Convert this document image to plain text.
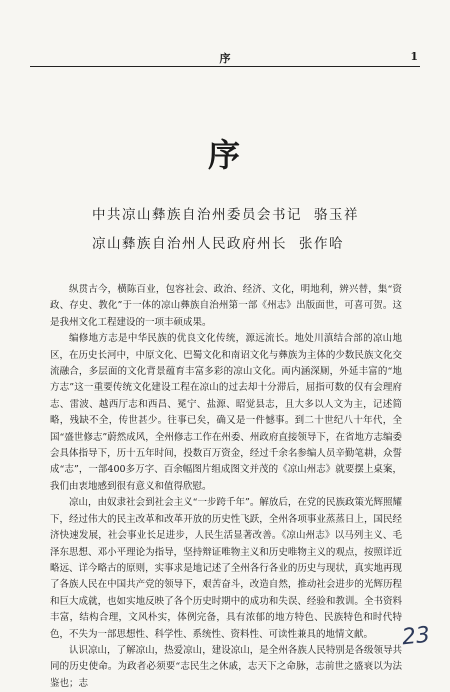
序	1
序
中共凉山彝族自治州委员会书记 骆玉祥
凉山彝族自治州人民政府州长 张作哈

纵贯古今，横陈百业，包容社会、政治、经济、文化，明地利，辨兴替，集“资政、存史、教化”于一体的凉山彝族自治州第一部《州志》出版面世，可喜可贺。这是我州文化工程建设的一项丰硕成果。

编修地方志是中华民族的优良文化传统，源远流长。地处川滇结合部的凉山地区，在历史长河中，中原文化、巴蜀文化和南诏文化与彝族为主体的少数民族文化交流融合，多层面的文化背景蕴育丰富多彩的凉山文化。両内涵深厕，外延丰富的“地方志”这一重要传统文化建设工程在凉山的过去却十分滞后，屈指可数的仅有会理府志、雷波、越西厅志和西昌、冕宁、盐源、昭觉县志，且大多以人文为主，记述简略，残缺不全，传世甚少。往事已矣，确又是一件憾事。到二十世纪八十年代，全国“盛世修志”蔚然成风，全州修志工作在州委、州政府直接领导下，在省地方志编委会具体指导下，历十五年时间，投数百万资金，经过千余名参编人员辛勤笔耕，众誓成“志”，一部400多万字、百余幅图片组成图文并茂的《凉山州志》就要摆上桌案，我们由衷地感到很有意义和值得欣慰。

凉山，由奴隶社会到社会主义“一步跨千年”。解放后，在党的民族政策光辉照耀下，经过伟大的民主改革和改革开放的历史性飞跃，全州各项事业蒸蒸日上，国民经济快速发展，社会事业长足进步，人民生活显著改善。《凉山州志》以马列主义、毛泽东思想、邓小平理论为指导，坚持辩证唯物主义和历史唯物主义的观点，按照详近略远、详今略古的原则，实事求是地记述了全州各行各业的历史与现状，真实地再现了各族人民在中国共产党的领导下，艰苦奋斗，改造自然，推动社会进步的光辉历程和巨大成就，也如实地反映了各个历史时期中的成功和失误、经验和教训。全书资料丰富，结构合理，文风朴实，体例完备，具有浓郁的地方特色、民族特色和时代特色，不失为一部思想性、科学性、系统性、资料性、可读性兼具的地情文献。

认识凉山，了解凉山，热爱凉山，建设凉山，是全州各族人民特别是各级领导共同的历史使命。为政者必须要“志民生之休戚，志天下之命脉，志前世之盛衰以为法鉴也；志

23
